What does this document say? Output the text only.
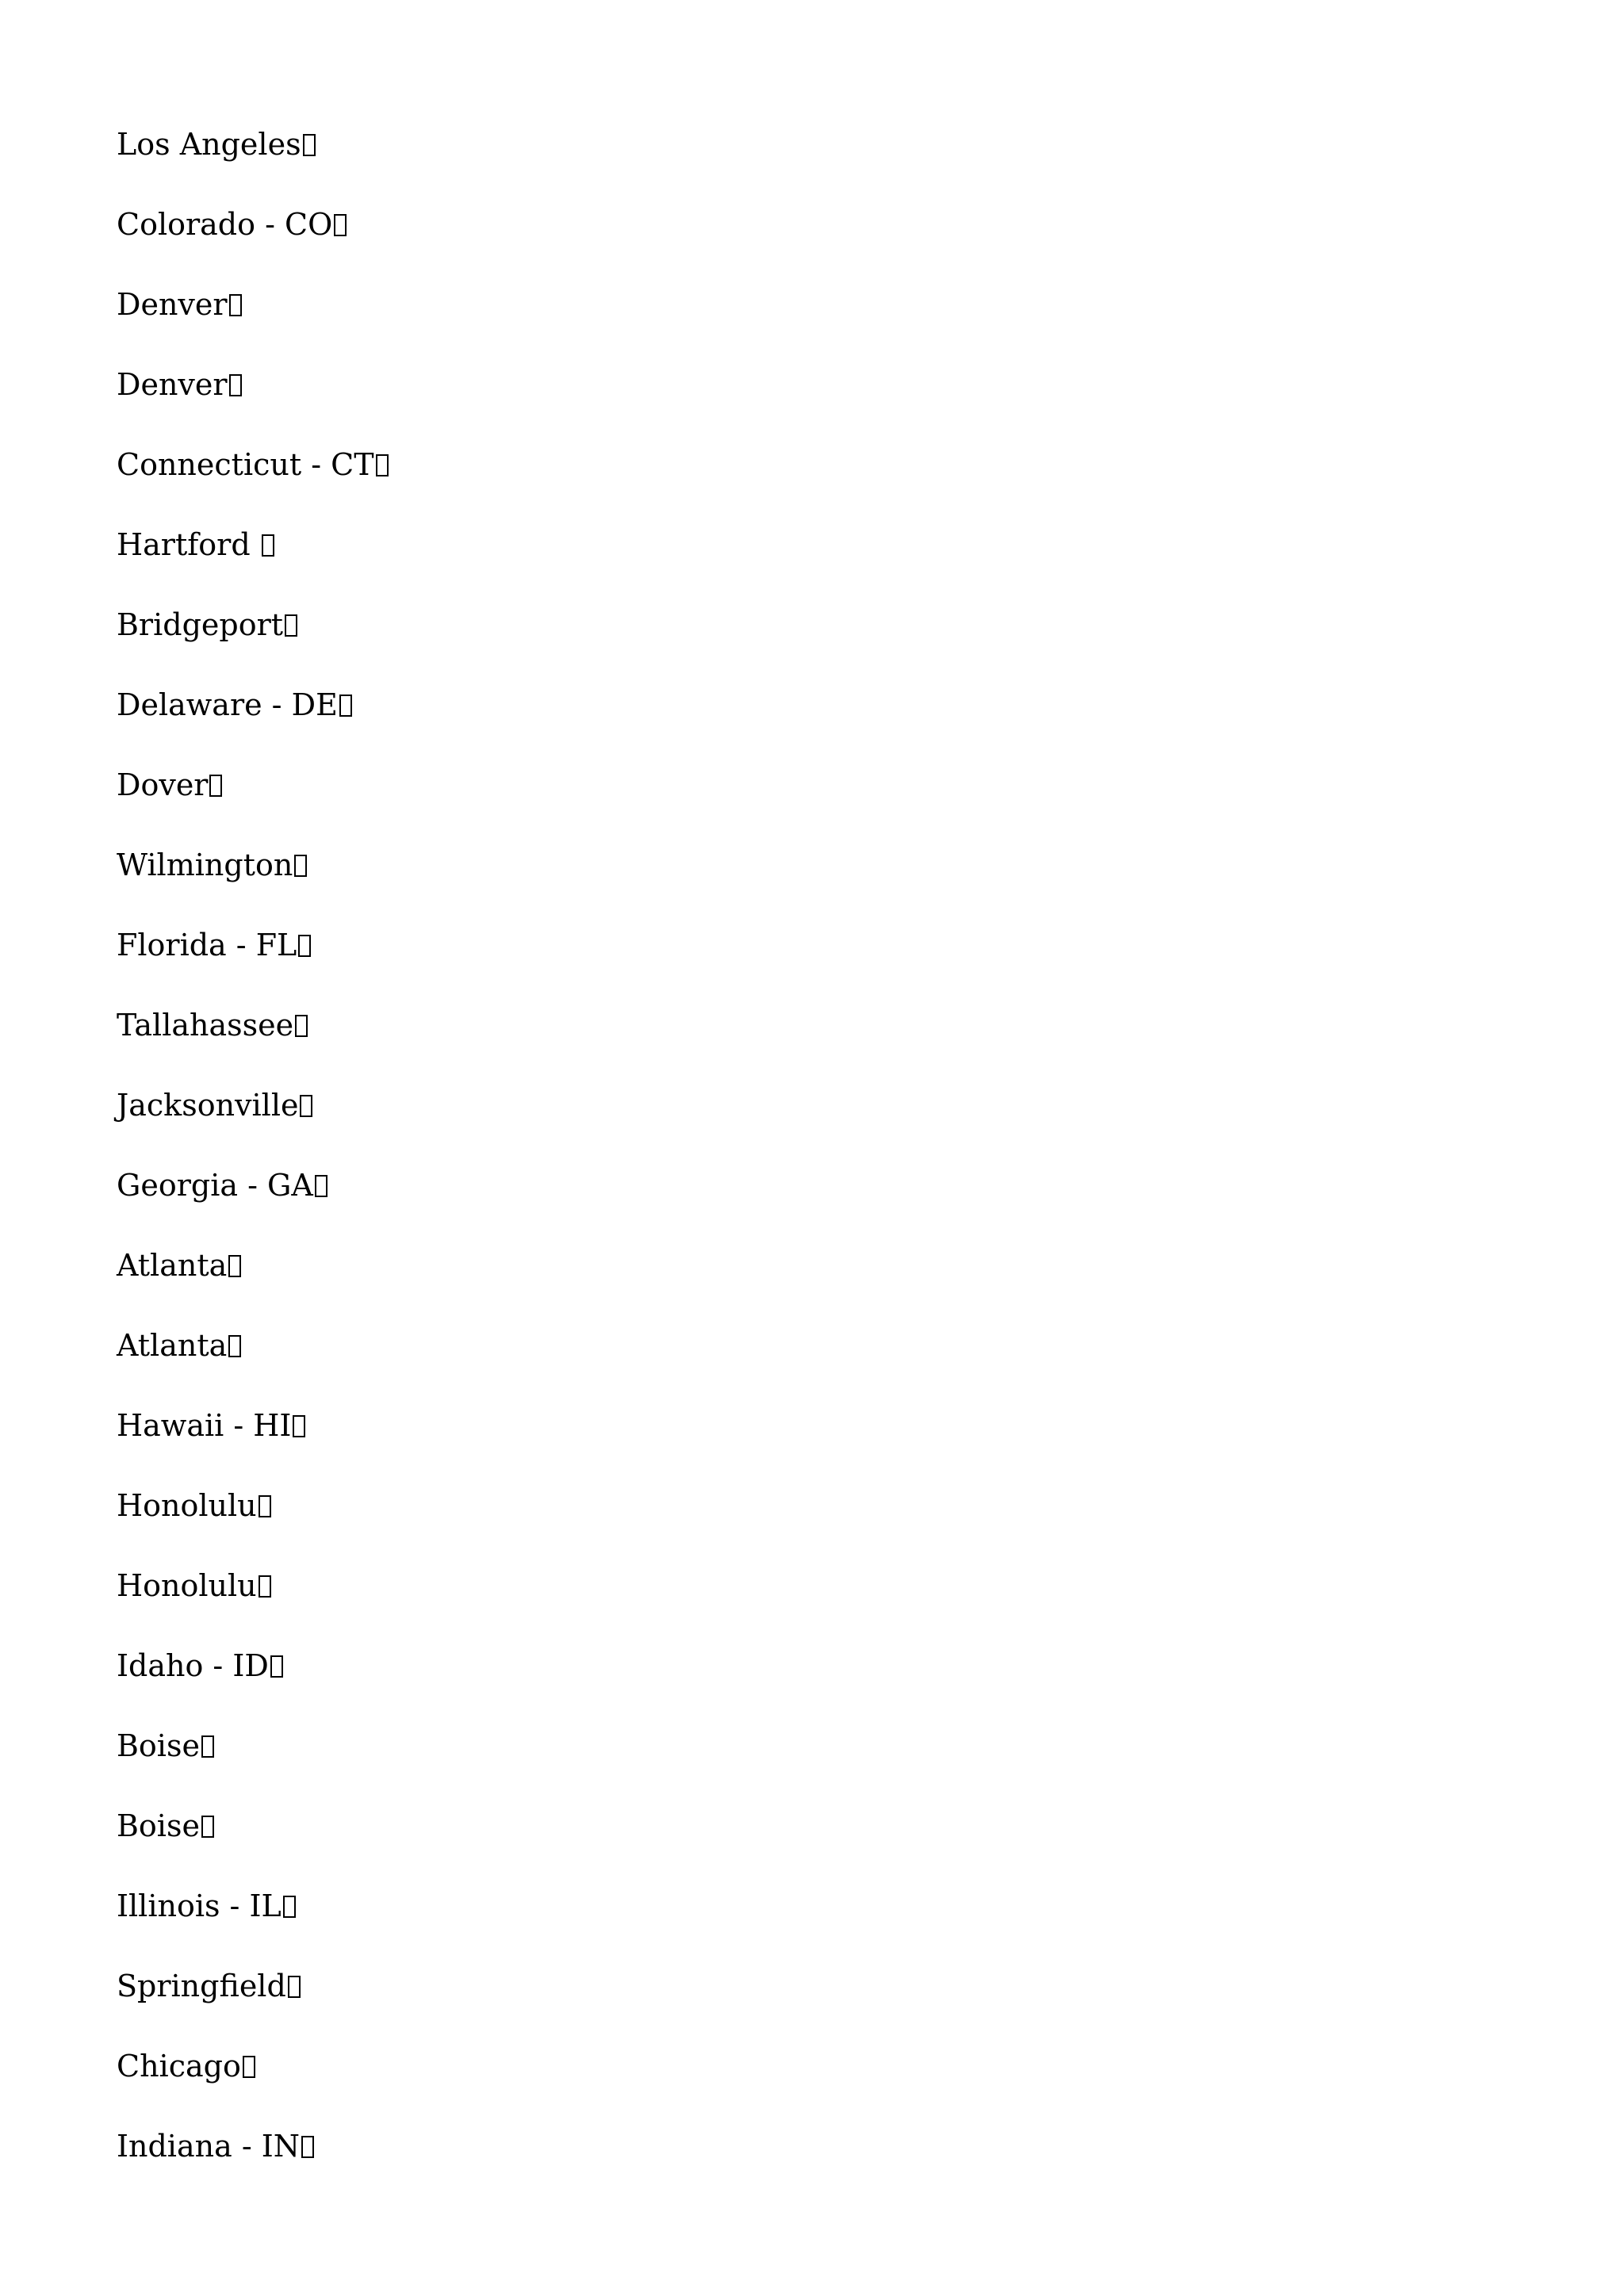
Los Angeles
Colorado - CO
Denver
Denver
Connecticut - CT
Hartford
Bridgeport
Delaware - DE
Dover
Wilmington
Florida - FL
Tallahassee
Jacksonville
Georgia - GA
Atlanta
Atlanta
Hawaii - HI
Honolulu
Honolulu
Idaho - ID
Boise
Boise
Illinois - IL
Springfield
Chicago
Indiana - IN
